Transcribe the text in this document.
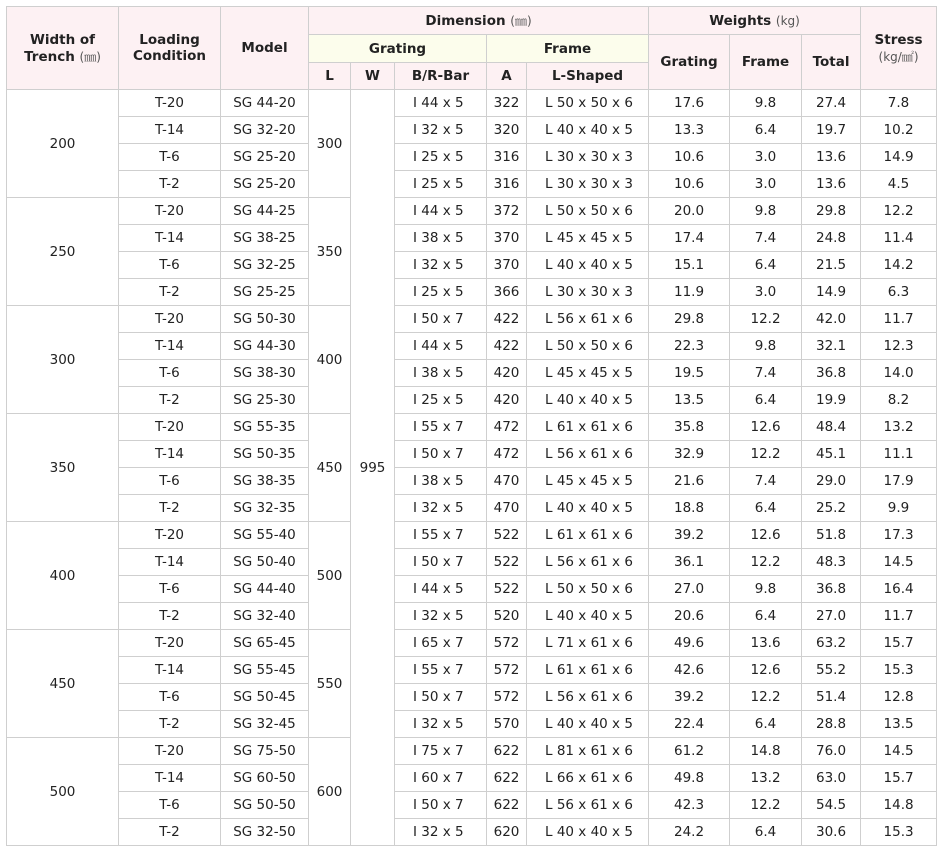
Width of
Trench (㎜)	Loading
Condition	Model	Dimension (㎜)					Weights (kg)			Stress
(kg/㎟)
			Grating			Frame		Grating	Frame	Total	
			L	W	B/R-Bar	A	L-Shaped				
200	T-20	SG 44-20	300	995	I 44 x 5	322	L 50 x 50 x 6	17.6	9.8	27.4	7.8
	T-14	SG 32-20			I 32 x 5	320	L 40 x 40 x 5	13.3	6.4	19.7	10.2
	T-6	SG 25-20			I 25 x 5	316	L 30 x 30 x 3	10.6	3.0	13.6	14.9
	T-2	SG 25-20			I 25 x 5	316	L 30 x 30 x 3	10.6	3.0	13.6	4.5
250	T-20	SG 44-25	350		I 44 x 5	372	L 50 x 50 x 6	20.0	9.8	29.8	12.2
	T-14	SG 38-25			I 38 x 5	370	L 45 x 45 x 5	17.4	7.4	24.8	11.4
	T-6	SG 32-25			I 32 x 5	370	L 40 x 40 x 5	15.1	6.4	21.5	14.2
	T-2	SG 25-25			I 25 x 5	366	L 30 x 30 x 3	11.9	3.0	14.9	6.3
300	T-20	SG 50-30	400		I 50 x 7	422	L 56 x 61 x 6	29.8	12.2	42.0	11.7
	T-14	SG 44-30			I 44 x 5	422	L 50 x 50 x 6	22.3	9.8	32.1	12.3
	T-6	SG 38-30			I 38 x 5	420	L 45 x 45 x 5	19.5	7.4	36.8	14.0
	T-2	SG 25-30			I 25 x 5	420	L 40 x 40 x 5	13.5	6.4	19.9	8.2
350	T-20	SG 55-35	450		I 55 x 7	472	L 61 x 61 x 6	35.8	12.6	48.4	13.2
	T-14	SG 50-35			I 50 x 7	472	L 56 x 61 x 6	32.9	12.2	45.1	11.1
	T-6	SG 38-35			I 38 x 5	470	L 45 x 45 x 5	21.6	7.4	29.0	17.9
	T-2	SG 32-35			I 32 x 5	470	L 40 x 40 x 5	18.8	6.4	25.2	9.9
400	T-20	SG 55-40	500		I 55 x 7	522	L 61 x 61 x 6	39.2	12.6	51.8	17.3
	T-14	SG 50-40			I 50 x 7	522	L 56 x 61 x 6	36.1	12.2	48.3	14.5
	T-6	SG 44-40			I 44 x 5	522	L 50 x 50 x 6	27.0	9.8	36.8	16.4
	T-2	SG 32-40			I 32 x 5	520	L 40 x 40 x 5	20.6	6.4	27.0	11.7
450	T-20	SG 65-45	550		I 65 x 7	572	L 71 x 61 x 6	49.6	13.6	63.2	15.7
	T-14	SG 55-45			I 55 x 7	572	L 61 x 61 x 6	42.6	12.6	55.2	15.3
	T-6	SG 50-45			I 50 x 7	572	L 56 x 61 x 6	39.2	12.2	51.4	12.8
	T-2	SG 32-45			I 32 x 5	570	L 40 x 40 x 5	22.4	6.4	28.8	13.5
500	T-20	SG 75-50	600		I 75 x 7	622	L 81 x 61 x 6	61.2	14.8	76.0	14.5
	T-14	SG 60-50			I 60 x 7	622	L 66 x 61 x 6	49.8	13.2	63.0	15.7
	T-6	SG 50-50			I 50 x 7	622	L 56 x 61 x 6	42.3	12.2	54.5	14.8
	T-2	SG 32-50			I 32 x 5	620	L 40 x 40 x 5	24.2	6.4	30.6	15.3
